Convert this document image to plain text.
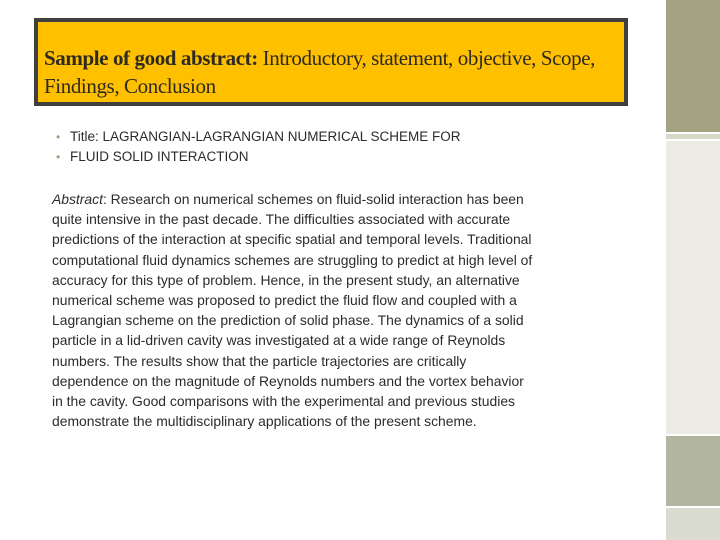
Sample of good abstract: Introductory, statement, objective, Scope, Findings, Conclusion
• Title: LAGRANGIAN-LAGRANGIAN NUMERICAL SCHEME FOR
• FLUID SOLID INTERACTION

Abstract: Research on numerical schemes on fluid-solid interaction has been quite intensive in the past decade. The difficulties associated with accurate predictions of the interaction at specific spatial and temporal levels. Traditional computational fluid dynamics schemes are struggling to predict at high level of accuracy for this type of problem. Hence, in the present study, an alternative numerical scheme was proposed to predict the fluid flow and coupled with a Lagrangian scheme on the prediction of solid phase. The dynamics of a solid particle in a lid-driven cavity was investigated at a wide range of Reynolds numbers. The results show that the particle trajectories are critically dependence on the magnitude of Reynolds numbers and the vortex behavior in the cavity. Good comparisons with the experimental and previous studies demonstrate the multidisciplinary applications of the present scheme.
